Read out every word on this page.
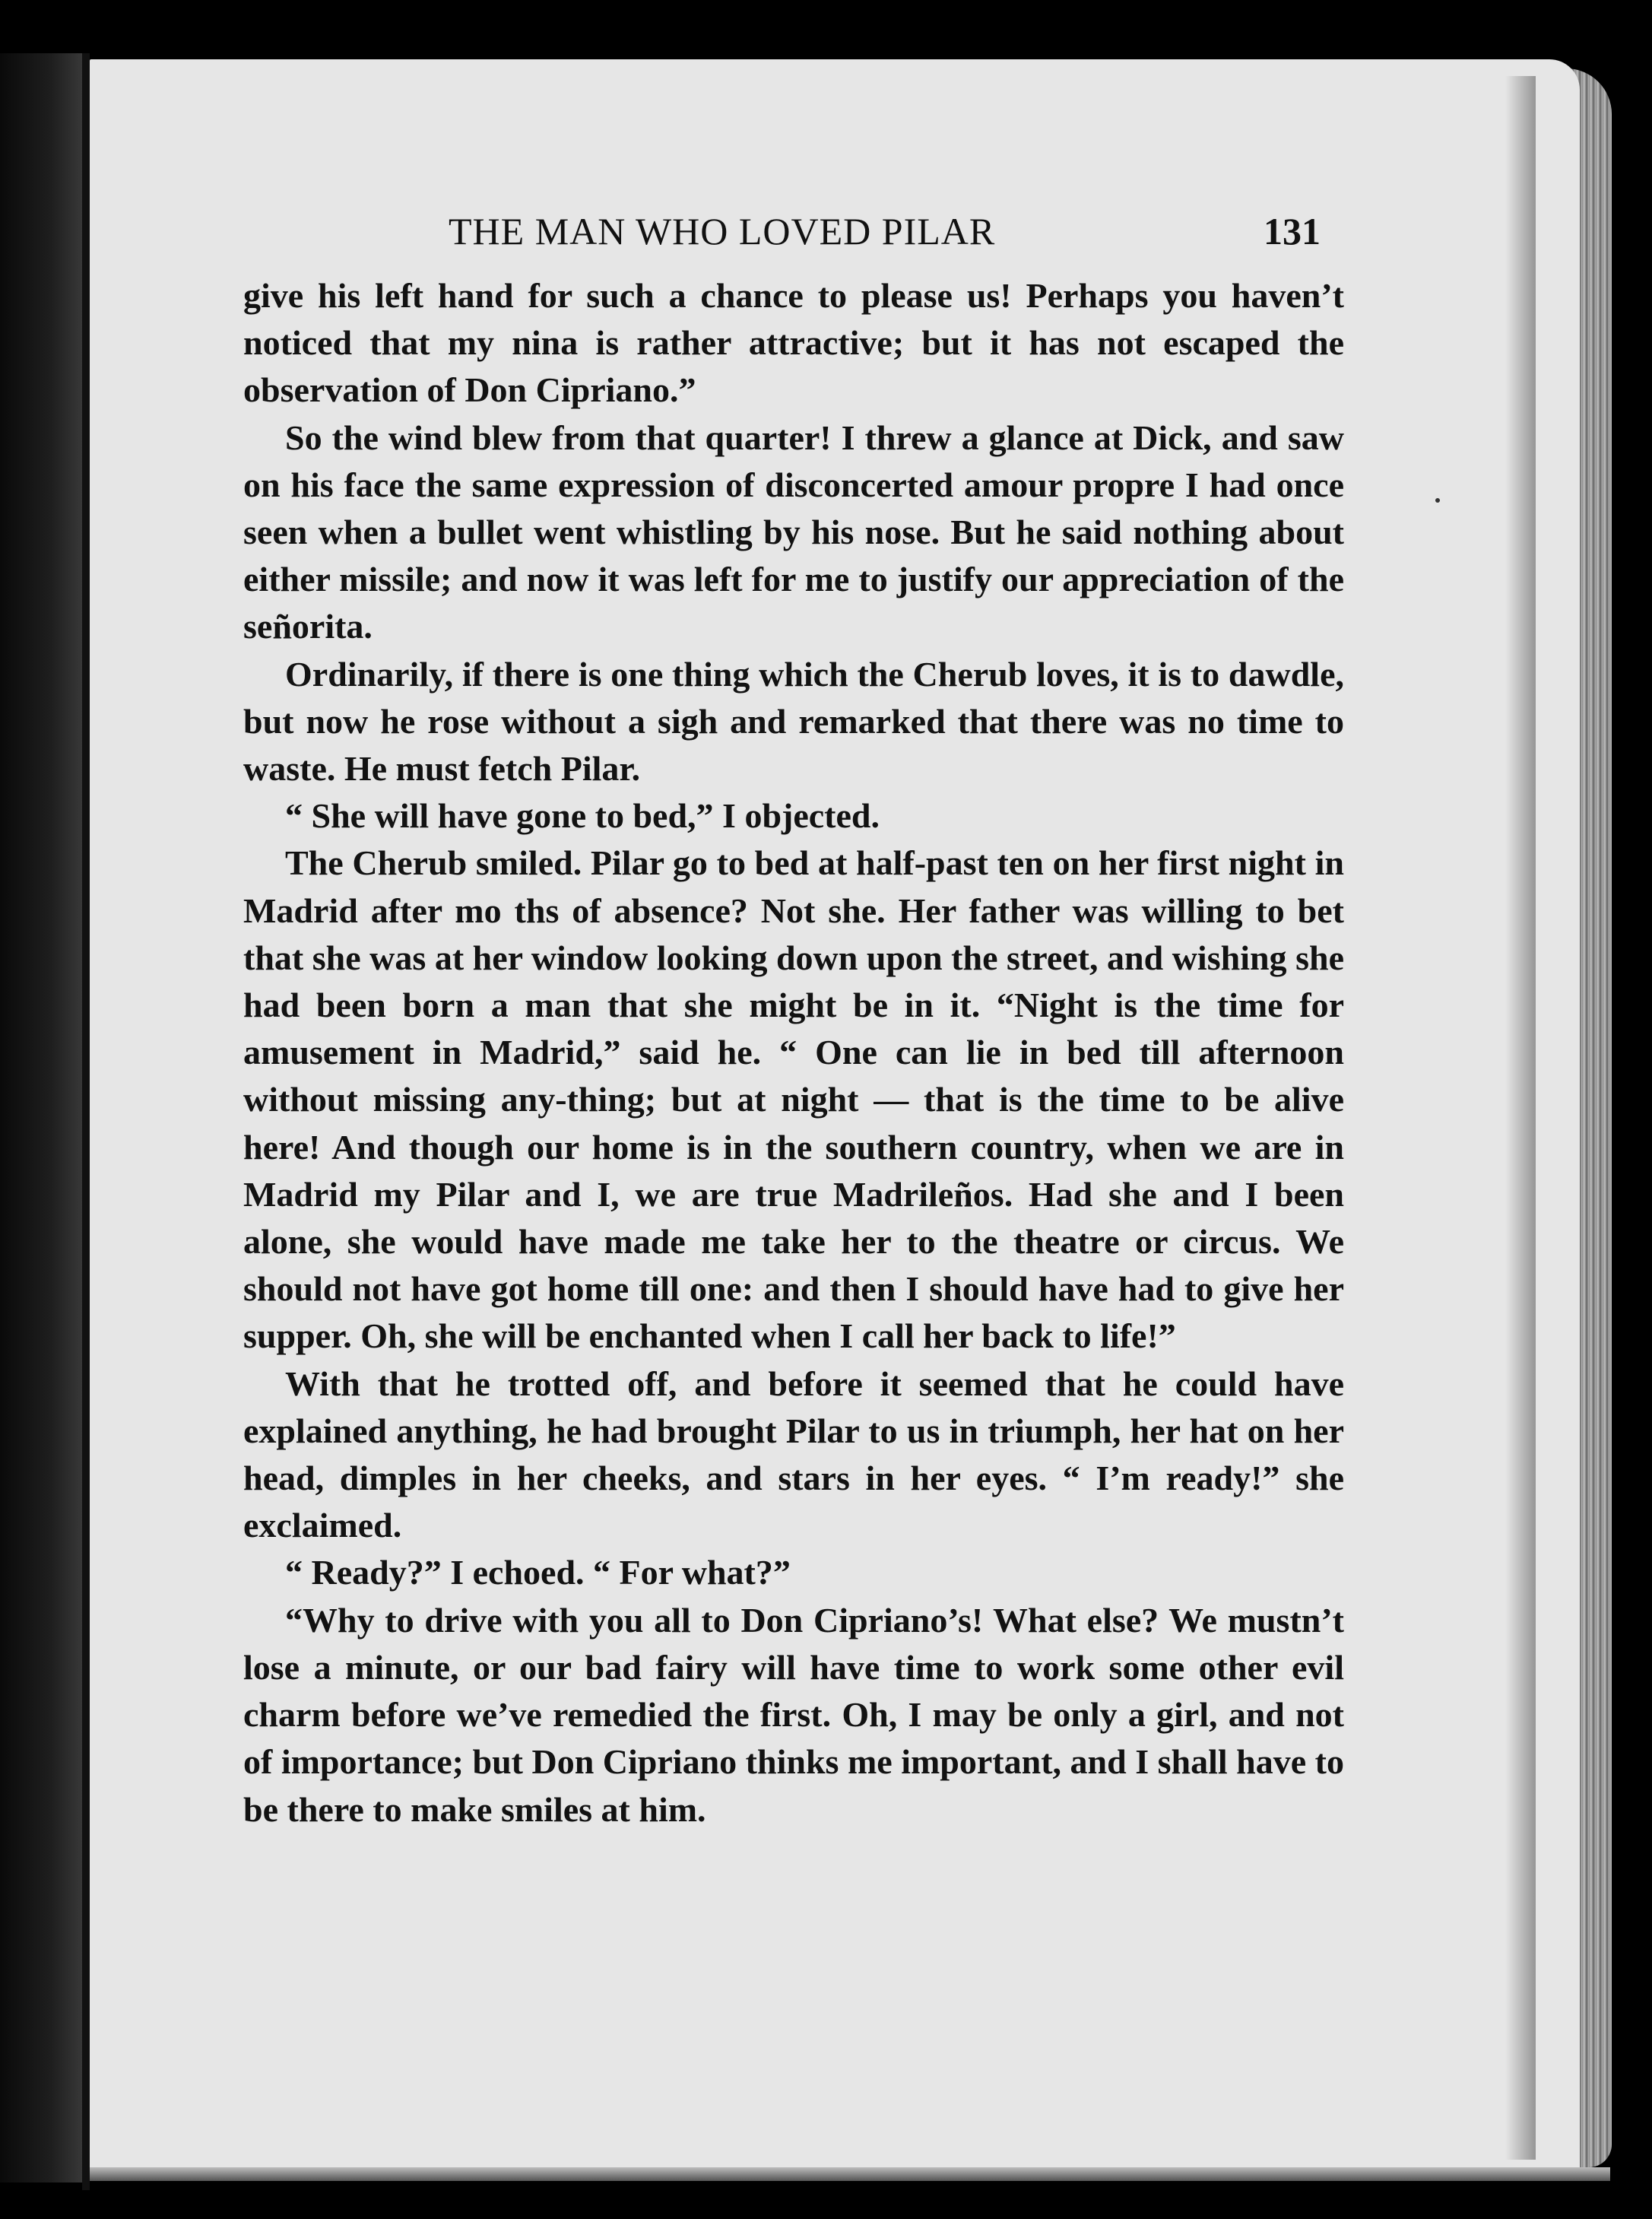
THE MAN WHO LOVED PILAR	131

give his left hand for such a chance to please us! Perhaps you haven’t noticed that my nina is rather attractive; but it has not escaped the observation of Don Cipriano.”

So the wind blew from that quarter! I threw a glance at Dick, and saw on his face the same expression of disconcerted amour propre I had once seen when a bullet went whistling by his nose. But he said nothing about either missile; and now it was left for me to justify our appreciation of the señorita.

Ordinarily, if there is one thing which the Cherub loves, it is to dawdle, but now he rose without a sigh and remarked that there was no time to waste. He must fetch Pilar.

“ She will have gone to bed,” I objected.

The Cherub smiled. Pilar go to bed at half-past ten on her first night in Madrid after mo ths of absence? Not she. Her father was willing to bet that she was at her window looking down upon the street, and wishing she had been born a man that she might be in it. “Night is the time for amusement in Madrid,” said he. “ One can lie in bed till afternoon without missing any-thing; but at night — that is the time to be alive here! And though our home is in the southern country, when we are in Madrid my Pilar and I, we are true Madrileños. Had she and I been alone, she would have made me take her to the theatre or circus. We should not have got home till one: and then I should have had to give her supper. Oh, she will be enchanted when I call her back to life!”

With that he trotted off, and before it seemed that he could have explained anything, he had brought Pilar to us in triumph, her hat on her head, dimples in her cheeks, and stars in her eyes. “ I’m ready!” she exclaimed.

“ Ready?” I echoed. “ For what?”

“Why to drive with you all to Don Cipriano’s! What else? We mustn’t lose a minute, or our bad fairy will have time to work some other evil charm before we’ve remedied the first. Oh, I may be only a girl, and not of importance; but Don Cipriano thinks me important, and I shall have to be there to make smiles at him.
